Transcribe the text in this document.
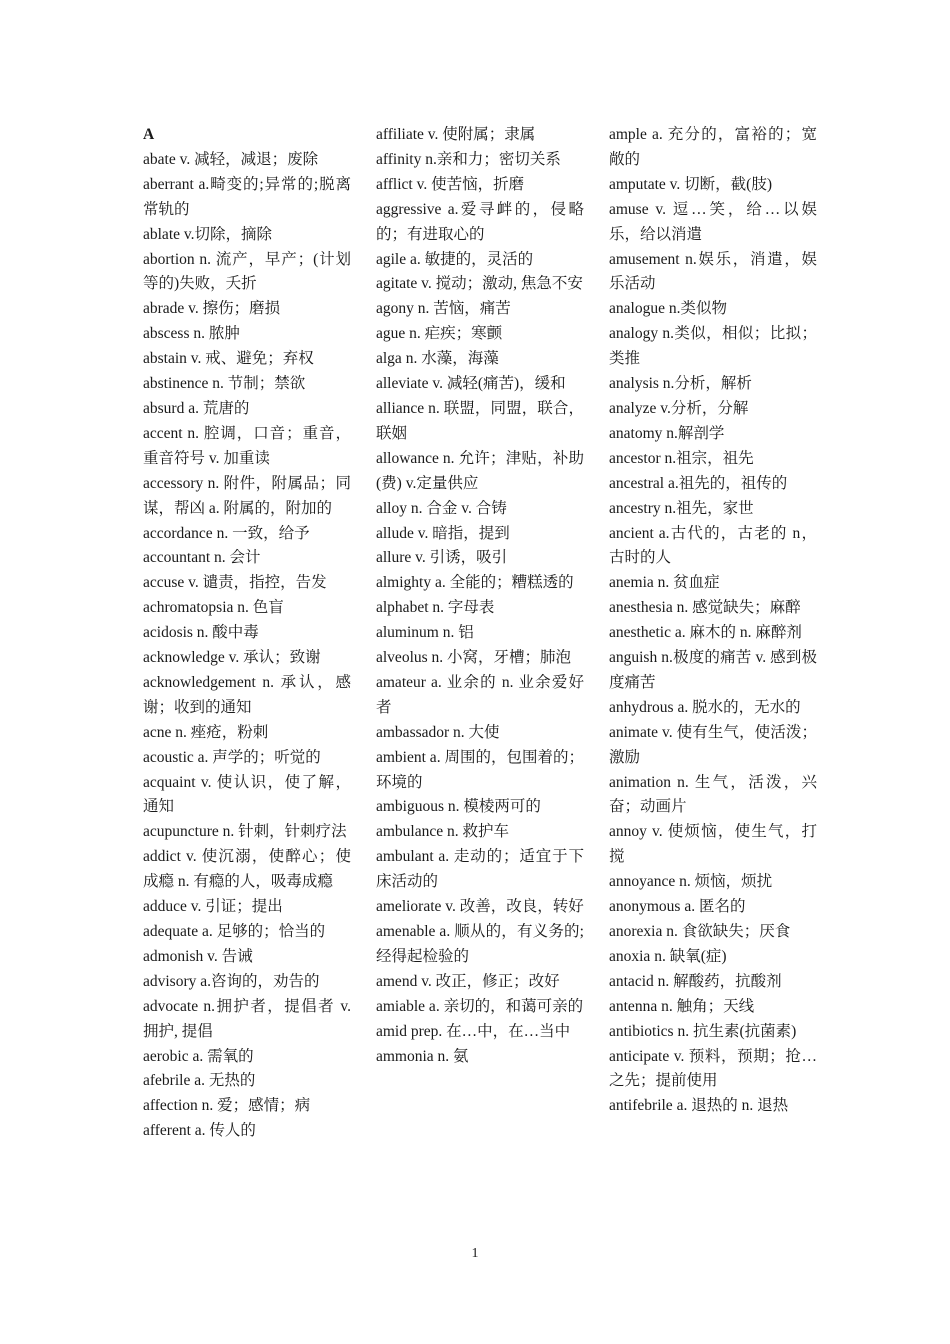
A

abate v. 减轻，减退；废除

aberrant a.畸变的;异常的;脱离常轨的

ablate v.切除，摘除

abortion n. 流产，早产；(计划等的)失败，夭折

abrade v. 擦伤；磨损

abscess n. 脓肿

abstain v. 戒、避免；弃权

abstinence n. 节制；禁欲

absurd a. 荒唐的

accent n. 腔调，口音；重音，重音符号 v. 加重读

accessory n. 附件，附属品；同谋，帮凶 a. 附属的，附加的

accordance n. 一致，给予

accountant n. 会计

accuse v. 谴责，指控，告发

achromatopsia n. 色盲

acidosis n. 酸中毒

acknowledge v. 承认；致谢

acknowledgement n. 承认，感谢；收到的通知

acne n. 痤疮，粉刺

acoustic a. 声学的；听觉的

acquaint v. 使认识，使了解，通知

acupuncture n. 针刺，针刺疗法

addict v. 使沉溺，使醉心；使成瘾 n. 有瘾的人，吸毒成瘾

adduce v. 引证；提出

adequate a. 足够的；恰当的

admonish v. 告诫

advisory a.咨询的，劝告的

advocate n.拥护者，提倡者 v. 拥护, 提倡

aerobic a. 需氧的

afebrile a. 无热的

affection n. 爱；感情；病

afferent a. 传人的

affiliate v. 使附属；隶属

affinity n.亲和力；密切关系

afflict v. 使苦恼，折磨

aggressive a.爱寻衅的，侵略的；有进取心的

agile a. 敏捷的，灵活的

agitate v. 搅动；激动, 焦急不安

agony n. 苦恼，痛苦

ague n. 疟疾；寒颤

alga n. 水藻，海藻

alleviate v. 减轻(痛苦)，缓和

alliance n. 联盟，同盟，联合，联姻

allowance n. 允许；津贴，补助(费) v.定量供应

alloy n. 合金 v. 合铸

allude v. 暗指，提到

allure v. 引诱，吸引

almighty a. 全能的；糟糕透的

alphabet n. 字母表

aluminum n. 铝

alveolus n. 小窝，牙槽；肺泡

amateur a. 业余的 n. 业余爱好者

ambassador n. 大使

ambient a. 周围的，包围着的；环境的

ambiguous n. 模棱两可的

ambulance n. 救护车

ambulant a. 走动的；适宜于下床活动的

ameliorate v. 改善，改良，转好

amenable a. 顺从的，有义务的; 经得起检验的

amend v. 改正，修正；改好

amiable a. 亲切的，和蔼可亲的

amid prep. 在…中，在…当中

ammonia n. 氨

ample a. 充分的，富裕的；宽敞的

amputate v. 切断，截(肢)

amuse v. 逗…笑，给…以娱乐，给以消遣

amusement n.娱乐，消遣，娱乐活动

analogue n.类似物

analogy n.类似，相似；比拟；类推

analysis n.分析，解析

analyze v.分析，分解

anatomy n.解剖学

ancestor n.祖宗，祖先

ancestral a.祖先的，祖传的

ancestry n.祖先，家世

ancient a.古代的，古老的 n，古时的人

anemia n. 贫血症

anesthesia n. 感觉缺失；麻醉

anesthetic a. 麻木的 n. 麻醉剂

anguish n.极度的痛苦 v. 感到极度痛苦

anhydrous a. 脱水的，无水的

animate v. 使有生气，使活泼；激励

animation n. 生气，活泼，兴奋；动画片

annoy v. 使烦恼，使生气，打搅

annoyance n. 烦恼，烦扰

anonymous a. 匿名的

anorexia n. 食欲缺失；厌食

anoxia n. 缺氧(症)

antacid n. 解酸药，抗酸剂

antenna n. 触角；天线

antibiotics n. 抗生素(抗菌素)

anticipate v. 预料，预期；抢…之先；提前使用

antifebrile a. 退热的 n. 退热

1
